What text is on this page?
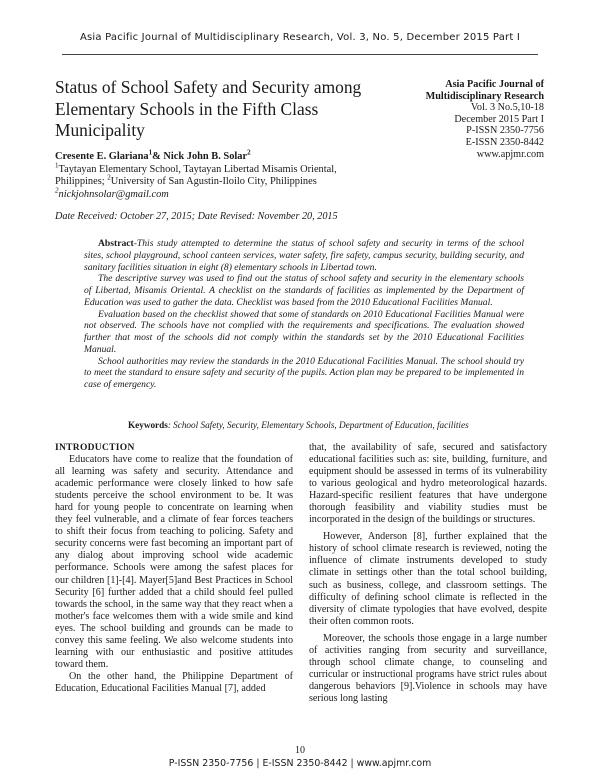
Asia Pacific Journal of Multidisciplinary Research, Vol. 3, No. 5, December 2015 Part I
Status of School Safety and Security among Elementary Schools in the Fifth Class Municipality
Asia Pacific Journal of
Multidisciplinary Research
Vol. 3 No.5,10-18
December 2015 Part I
P-ISSN 2350-7756
E-ISSN 2350-8442
www.apjmr.com
Cresente E. Glariana$^1$& Nick John B. Solar$^2$
$^1$Taytayan Elementary School, Taytayan Libertad Misamis Oriental,
Philippines; $^2$University of San Agustin-Iloilo City, Philippines
$^2$nickjohnsolar@gmail.com
Date Received: October 27, 2015; Date Revised: November 20, 2015

Abstract-This study attempted to determine the status of school safety and security in terms of the school sites, school playground, school canteen services, water safety, fire safety, campus security, building security, and sanitary facilities situation in eight (8) elementary schools in Libertad town.

The descriptive survey was used to find out the status of school safety and security in the elementary schools of Libertad, Misamis Oriental. A checklist on the standards of facilities as implemented by the Department of Education was used to gather the data. Checklist was based from the 2010 Educational Facilities Manual.

Evaluation based on the checklist showed that some of standards on 2010 Educational Facilities Manual were not observed. The schools have not complied with the requirements and specifications. The evaluation showed further that most of the schools did not comply within the standards set by the 2010 Educational Facilities Manual.

School authorities may review the standards in the 2010 Educational Facilities Manual. The school should try to meet the standard to ensure safety and security of the pupils. Action plan may be prepared to be implemented in case of emergency.

Keywords: School Safety, Security, Elementary Schools, Department of Education, facilities
INTRODUCTION

Educators have come to realize that the foundation of all learning was safety and security. Attendance and academic performance were closely linked to how safe students perceive the school environment to be. It was hard for young people to concentrate on learning when they feel vulnerable, and a climate of fear forces teachers to shift their focus from teaching to policing. Safety and security concerns were fast becoming an important part of any dialog about improving school wide academic performance. Schools were among the safest places for our children [1]-[4]. Mayer[5]and Best Practices in School Security [6] further added that a child should feel pulled towards the school, in the same way that they react when a mother's face welcomes them with a wide smile and kind eyes. The school building and grounds can be made to convey this same feeling. We also welcome students into learning with our enthusiastic and positive attitudes toward them.

On the other hand, the Philippine Department of Education, Educational Facilities Manual [7], added

that, the availability of safe, secured and satisfactory educational facilities such as: site, building, furniture, and equipment should be assessed in terms of its vulnerability to various geological and hydro meteorological hazards. Hazard-specific resilient features that have undergone thorough feasibility and viability studies must be incorporated in the design of the buildings or structures.

However, Anderson [8], further explained that the history of school climate research is reviewed, noting the influence of climate instruments developed to study climate in settings other than the total school building, such as business, college, and classroom settings. The difficulty of defining school climate is reflected in the diversity of climate typologies that have evolved, despite their often common roots.

Moreover, the schools those engage in a large number of activities ranging from security and surveillance, through school climate change, to counseling and curricular or instructional programs have strict rules about dangerous behaviors [9].Violence in schools may have serious long lasting

10
P-ISSN 2350-7756 | E-ISSN 2350-8442 | www.apjmr.com
